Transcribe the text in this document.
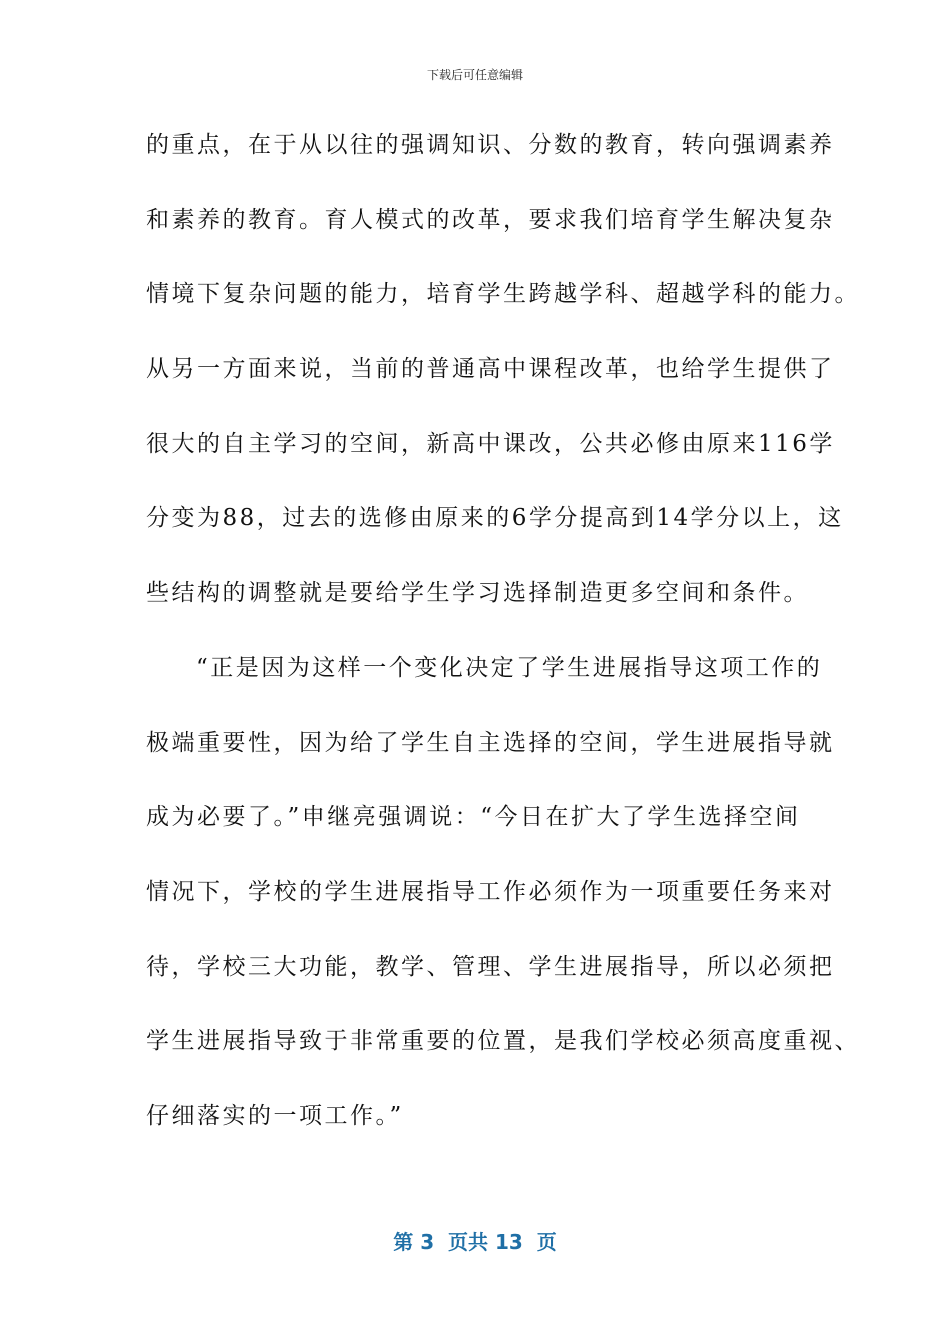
下载后可任意编辑
的重点，在于从以往的强调知识、分数的教育，转向强调素养
和素养的教育。育人模式的改革，要求我们培育学生解决复杂
情境下复杂问题的能力，培育学生跨越学科、超越学科的能力。
从另一方面来说，当前的普通高中课程改革，也给学生提供了
很大的自主学习的空间，新高中课改，公共必修由原来116学
分变为88，过去的选修由原来的6学分提高到14学分以上，这
些结构的调整就是要给学生学习选择制造更多空间和条件。
“正是因为这样一个变化决定了学生进展指导这项工作的
极端重要性，因为给了学生自主选择的空间，学生进展指导就
成为必要了。”申继亮强调说：“今日在扩大了学生选择空间
情况下，学校的学生进展指导工作必须作为一项重要任务来对
待，学校三大功能，教学、管理、学生进展指导，所以必须把
学生进展指导致于非常重要的位置，是我们学校必须高度重视、
仔细落实的一项工作。”
第 3  页共 13  页
